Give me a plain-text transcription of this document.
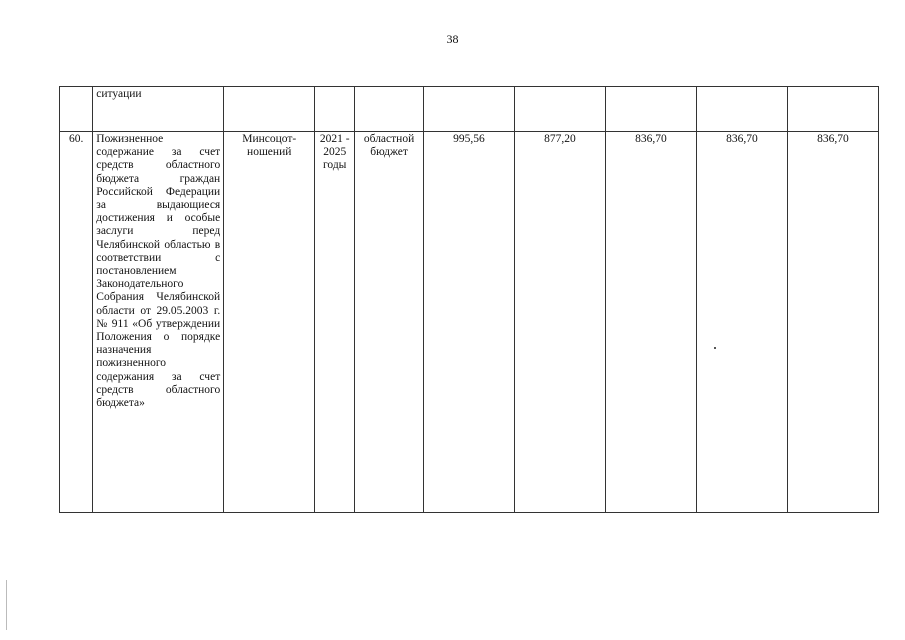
38
	ситуации								
60.	Пожизненное содержание за счет средств областного бюджета граждан Российской Федерации за выдающиеся достижения и особые заслуги перед Челябинской областью в соответствии с постановлением Законодательного Собрания Челябинской области от 29.05.2003 г. № 911 «Об утверждении Положения о порядке назначения пожизненного содержания за счет средств областного бюджета»	Минсоцот-ношений	2021 - 2025 годы	областной бюджет	995,56	877,20	836,70	836,70	836,70
